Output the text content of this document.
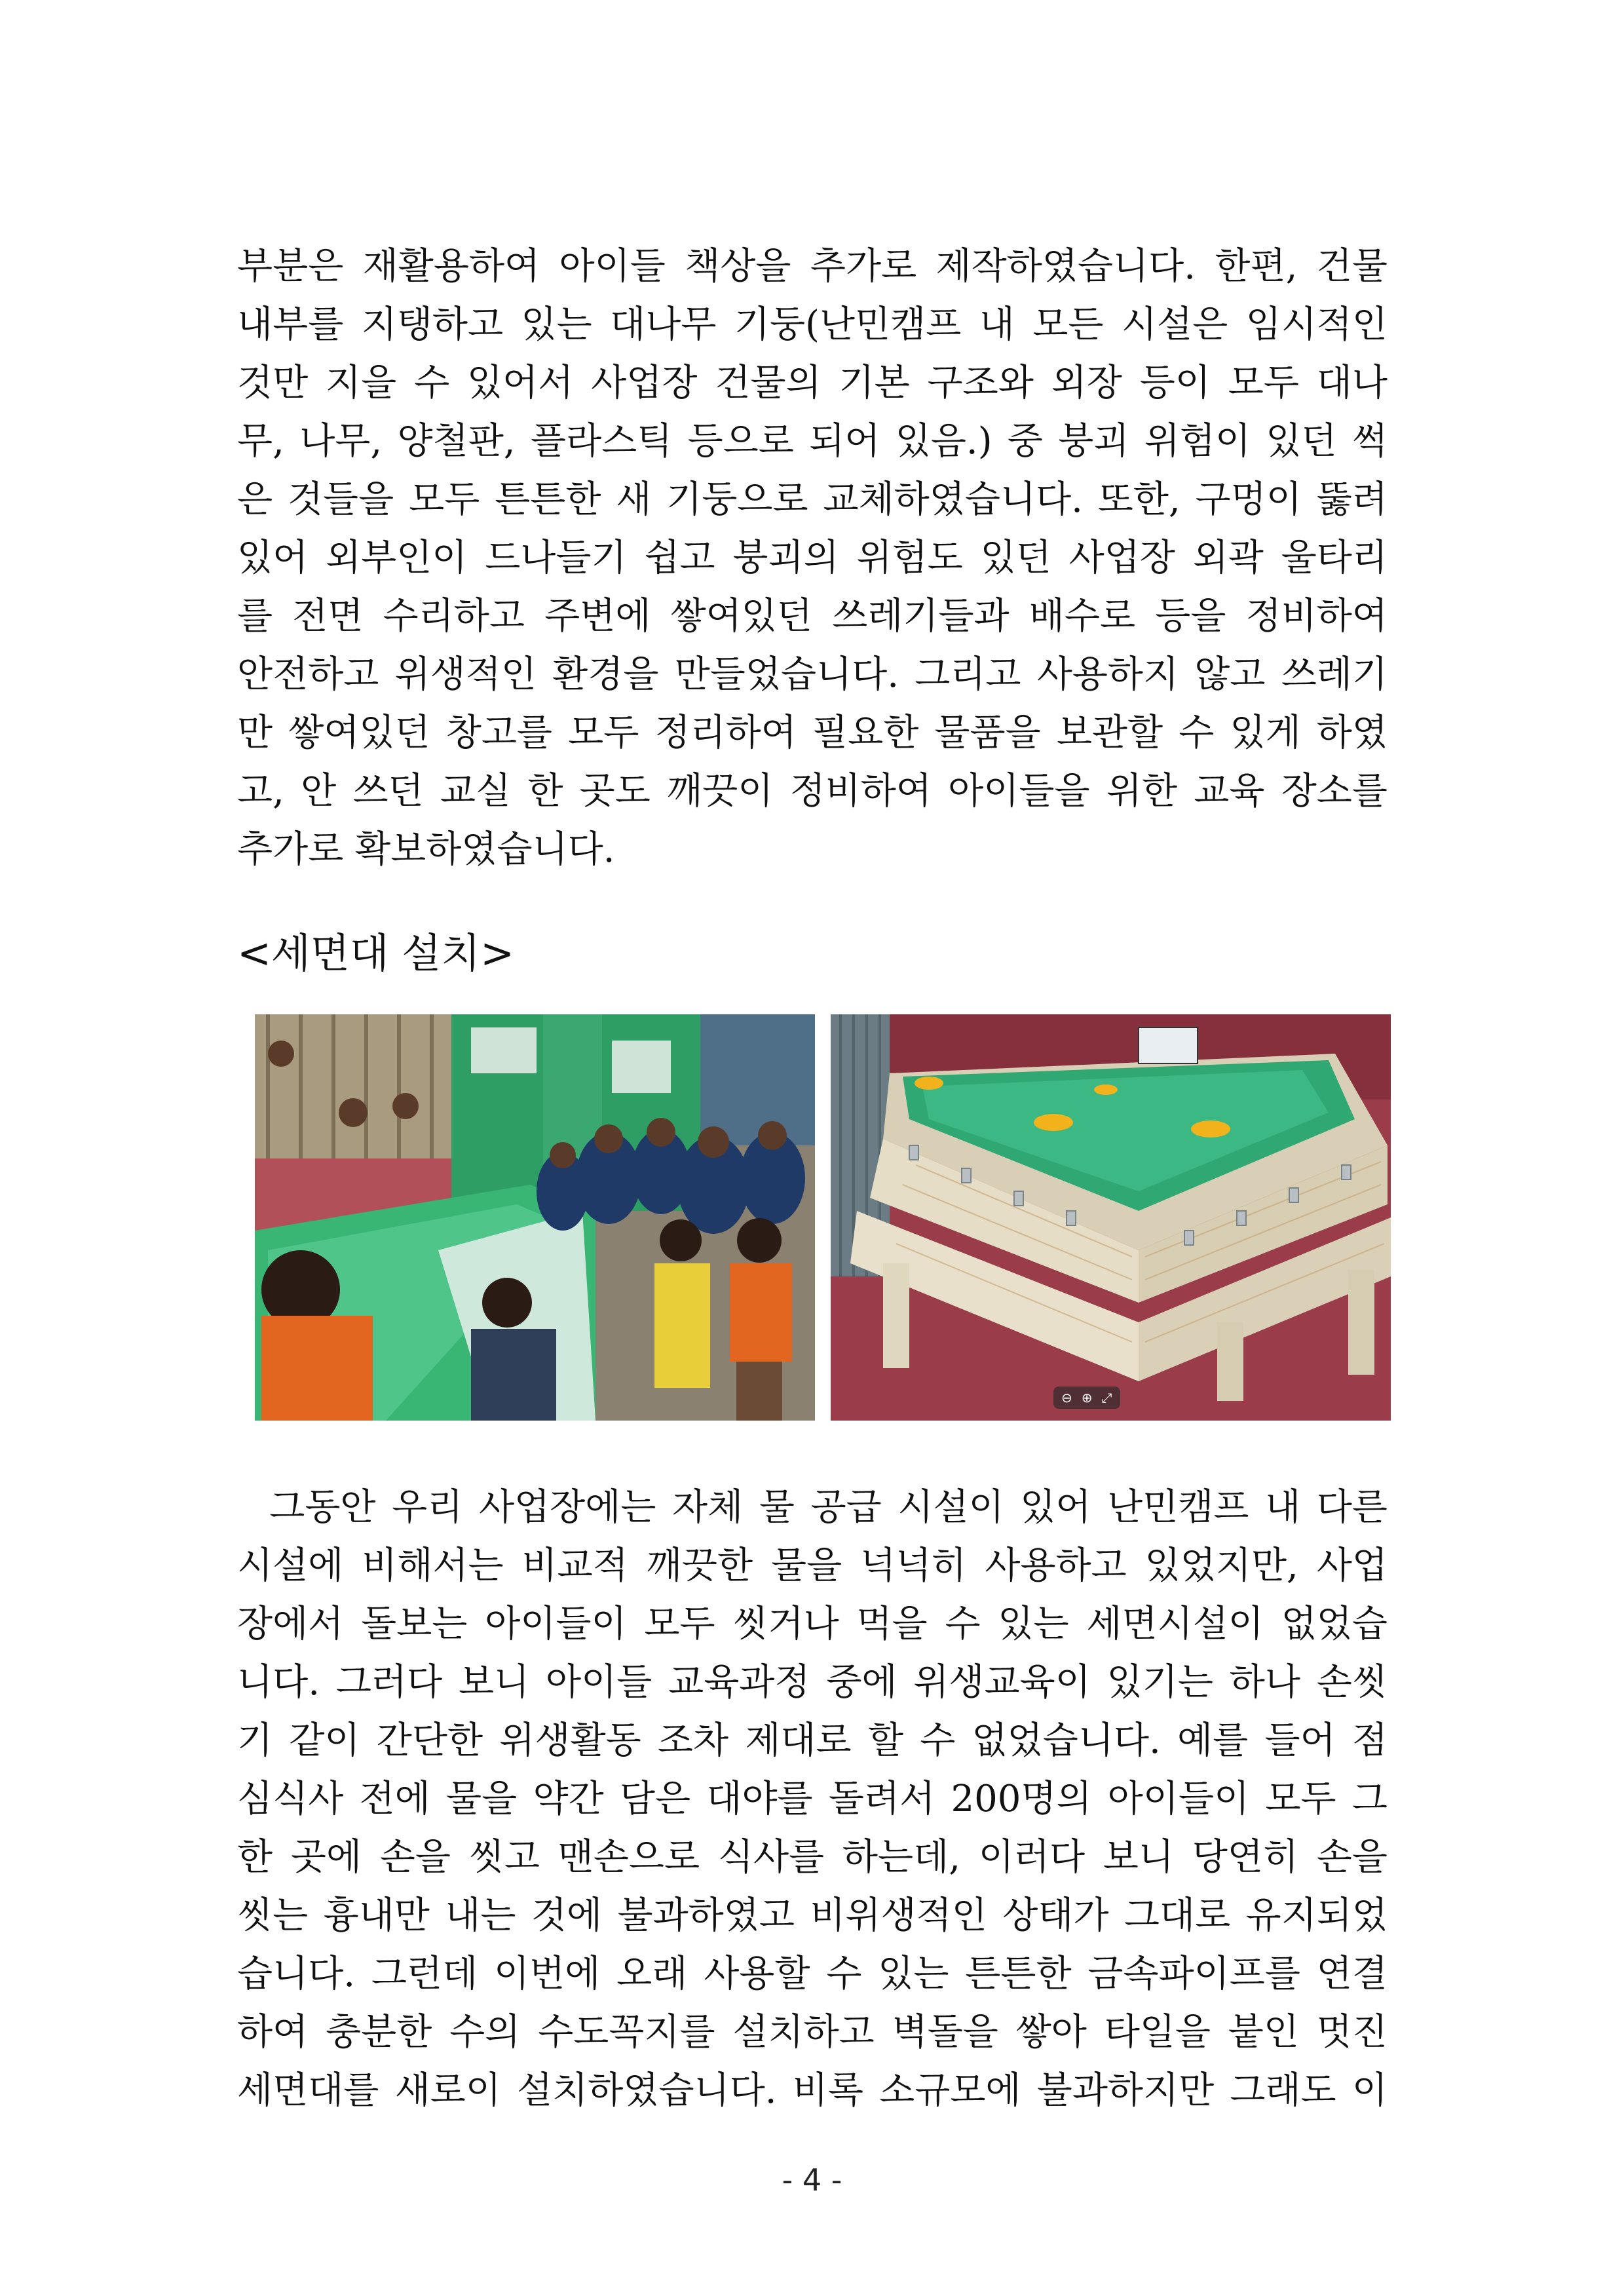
부분은 재활용하여 아이들 책상을 추가로 제작하였습니다. 한편, 건물
내부를 지탱하고 있는 대나무 기둥(난민캠프 내 모든 시설은 임시적인
것만 지을 수 있어서 사업장 건물의 기본 구조와 외장 등이 모두 대나
무, 나무, 양철판, 플라스틱 등으로 되어 있음.) 중 붕괴 위험이 있던 썩
은 것들을 모두 튼튼한 새 기둥으로 교체하였습니다. 또한, 구멍이 뚫려
있어 외부인이 드나들기 쉽고 붕괴의 위험도 있던 사업장 외곽 울타리
를 전면 수리하고 주변에 쌓여있던 쓰레기들과 배수로 등을 정비하여
안전하고 위생적인 환경을 만들었습니다. 그리고 사용하지 않고 쓰레기
만 쌓여있던 창고를 모두 정리하여 필요한 물품을 보관할 수 있게 하였
고, 안 쓰던 교실 한 곳도 깨끗이 정비하여 아이들을 위한 교육 장소를
추가로 확보하였습니다.
<세면대 설치>
⊖ ⊕ ⤢
그동안 우리 사업장에는 자체 물 공급 시설이 있어 난민캠프 내 다른
시설에 비해서는 비교적 깨끗한 물을 넉넉히 사용하고 있었지만, 사업
장에서 돌보는 아이들이 모두 씻거나 먹을 수 있는 세면시설이 없었습
니다. 그러다 보니 아이들 교육과정 중에 위생교육이 있기는 하나 손씻
기 같이 간단한 위생활동 조차 제대로 할 수 없었습니다. 예를 들어 점
심식사 전에 물을 약간 담은 대야를 돌려서 200명의 아이들이 모두 그
한 곳에 손을 씻고 맨손으로 식사를 하는데, 이러다 보니 당연히 손을
씻는 흉내만 내는 것에 불과하였고 비위생적인 상태가 그대로 유지되었
습니다. 그런데 이번에 오래 사용할 수 있는 튼튼한 금속파이프를 연결
하여 충분한 수의 수도꼭지를 설치하고 벽돌을 쌓아 타일을 붙인 멋진
세면대를 새로이 설치하였습니다. 비록 소규모에 불과하지만 그래도 이
- 4 -
